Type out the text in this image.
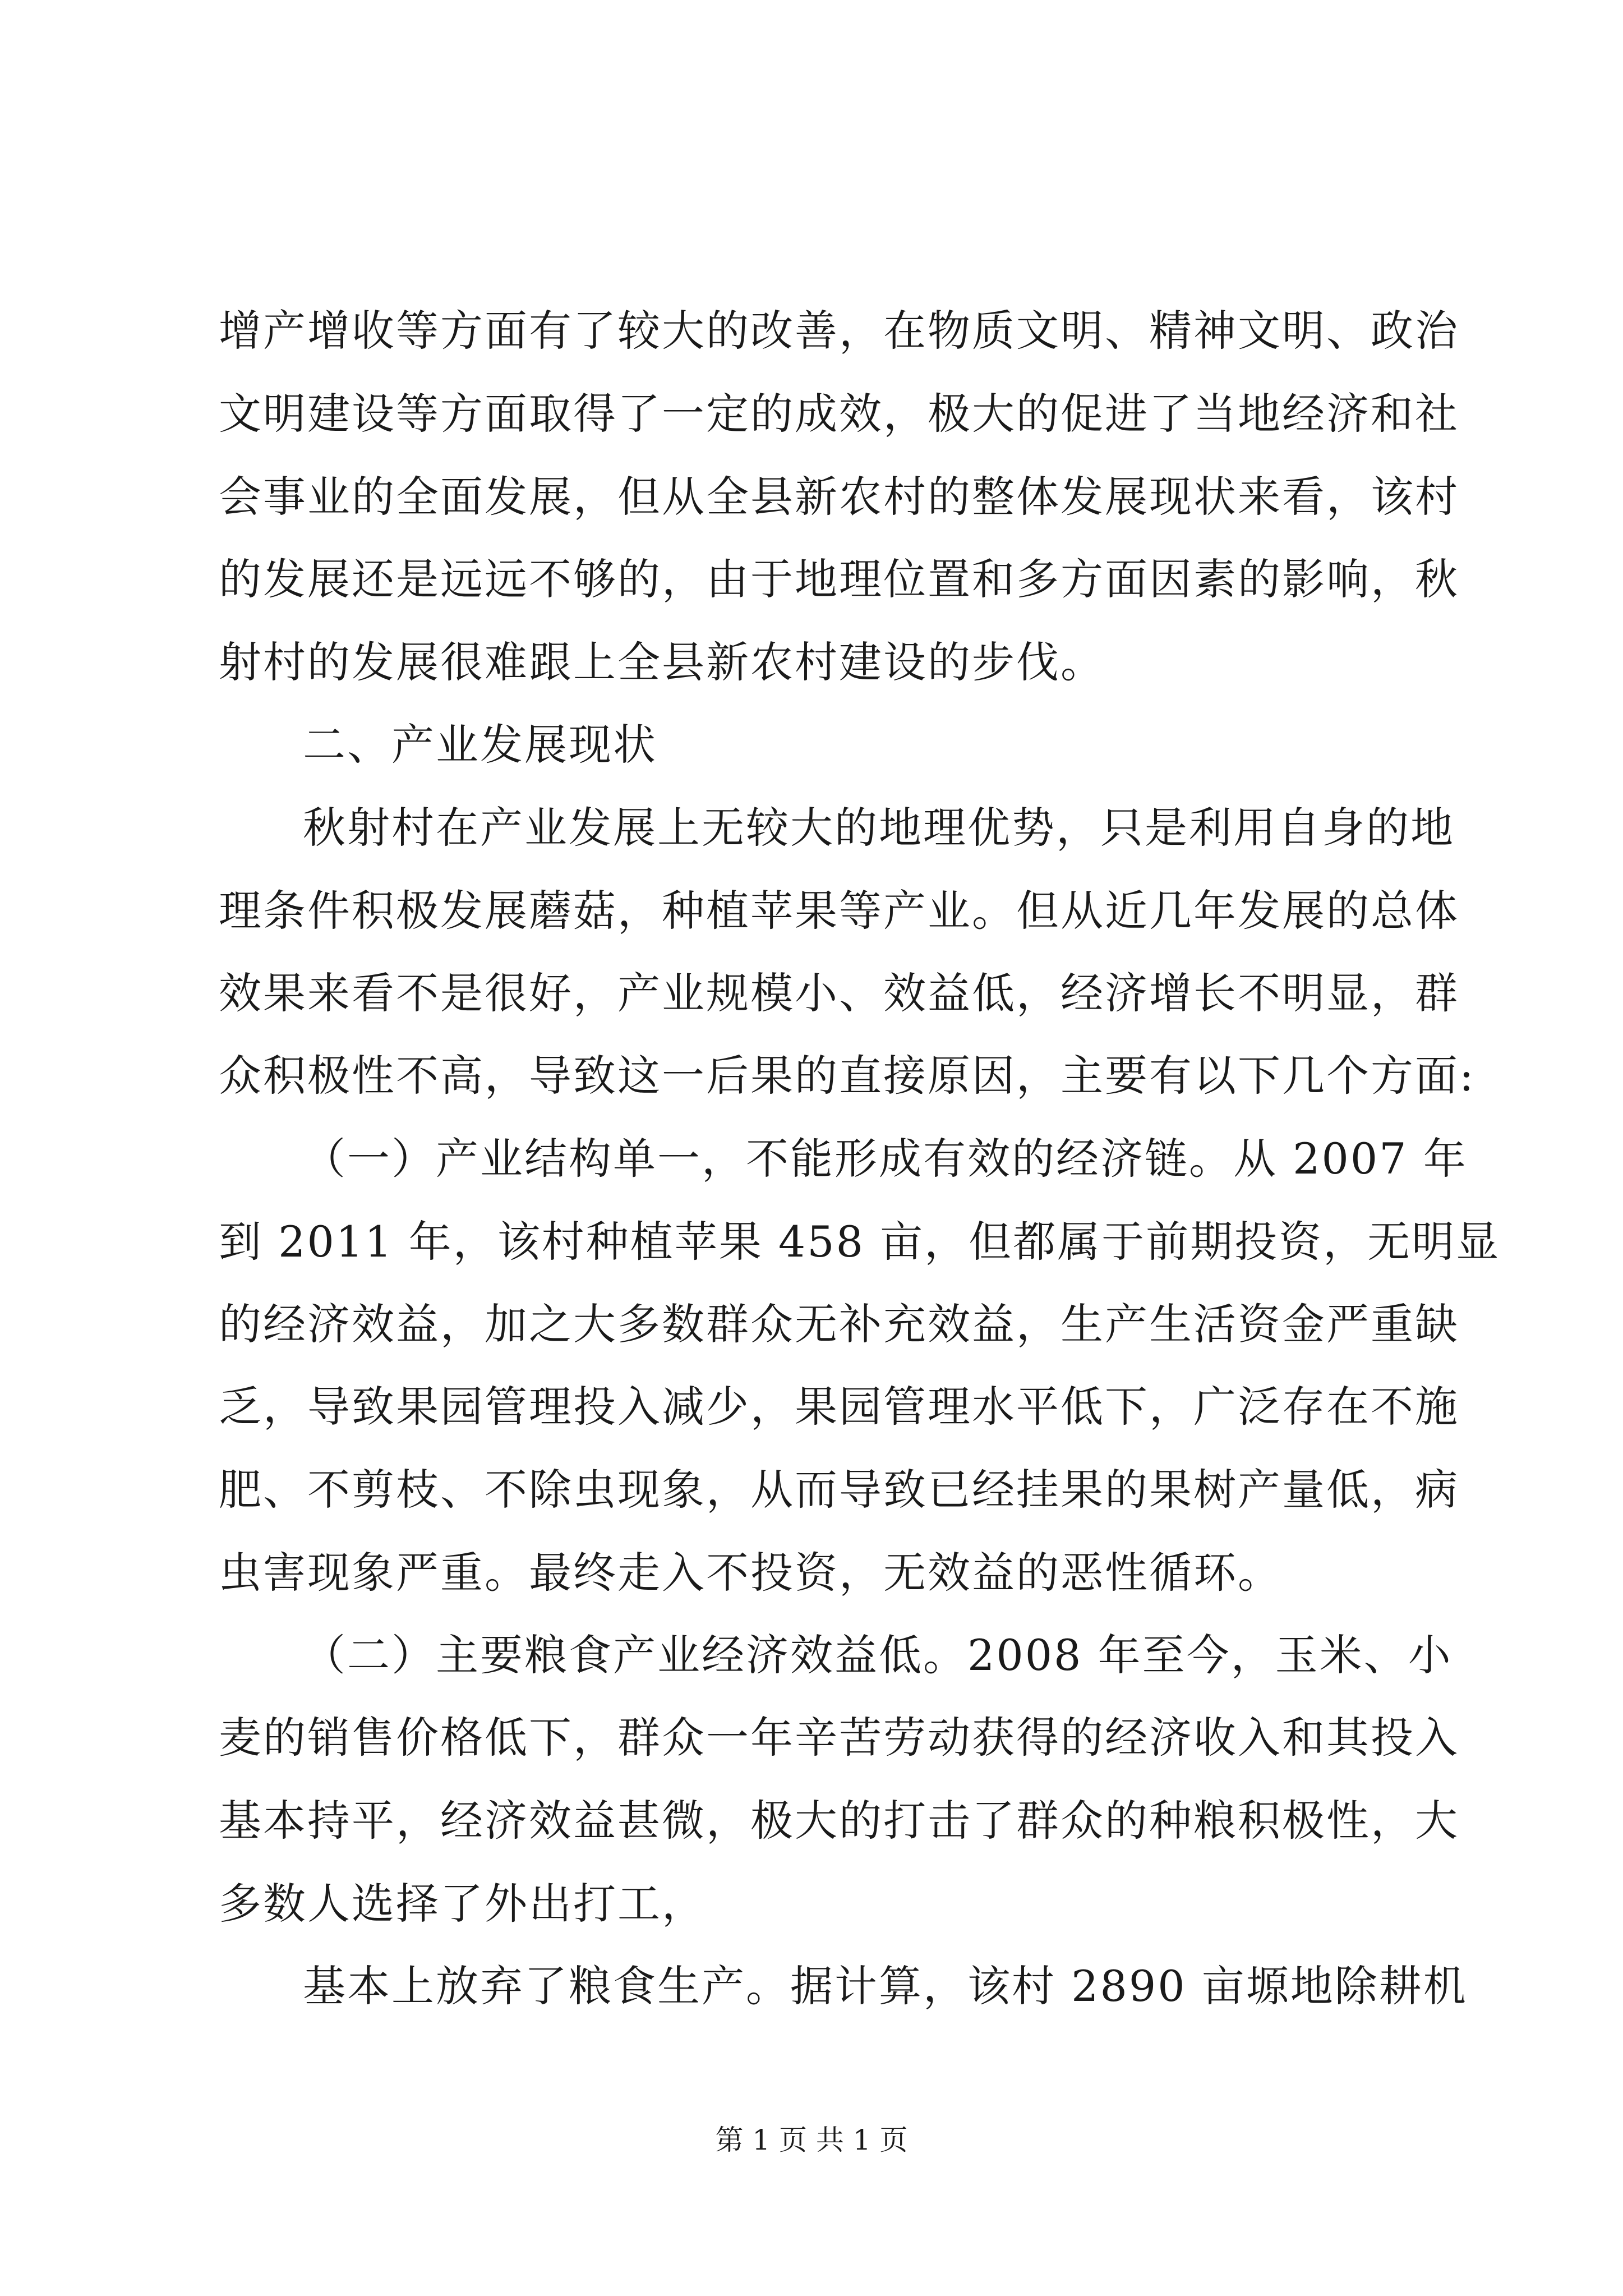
增产增收等方面有了较大的改善，在物质文明、精神文明、政治
文明建设等方面取得了一定的成效，极大的促进了当地经济和社
会事业的全面发展，但从全县新农村的整体发展现状来看，该村
的发展还是远远不够的，由于地理位置和多方面因素的影响，秋
射村的发展很难跟上全县新农村建设的步伐。
二、产业发展现状
秋射村在产业发展上无较大的地理优势，只是利用自身的地
理条件积极发展蘑菇，种植苹果等产业。但从近几年发展的总体
效果来看不是很好，产业规模小、效益低，经济增长不明显，群
众积极性不高，导致这一后果的直接原因，主要有以下几个方面:
（一）产业结构单一，不能形成有效的经济链。从 2007 年
到 2011 年，该村种植苹果 458 亩，但都属于前期投资，无明显
的经济效益，加之大多数群众无补充效益，生产生活资金严重缺
乏，导致果园管理投入减少，果园管理水平低下，广泛存在不施
肥、不剪枝、不除虫现象，从而导致已经挂果的果树产量低，病
虫害现象严重。最终走入不投资，无效益的恶性循环。
（二）主要粮食产业经济效益低。2008 年至今，玉米、小
麦的销售价格低下，群众一年辛苦劳动获得的经济收入和其投入
基本持平，经济效益甚微，极大的打击了群众的种粮积极性，大
多数人选择了外出打工，
基本上放弃了粮食生产。据计算，该村 2890 亩塬地除耕机
第 1 页 共 1 页
